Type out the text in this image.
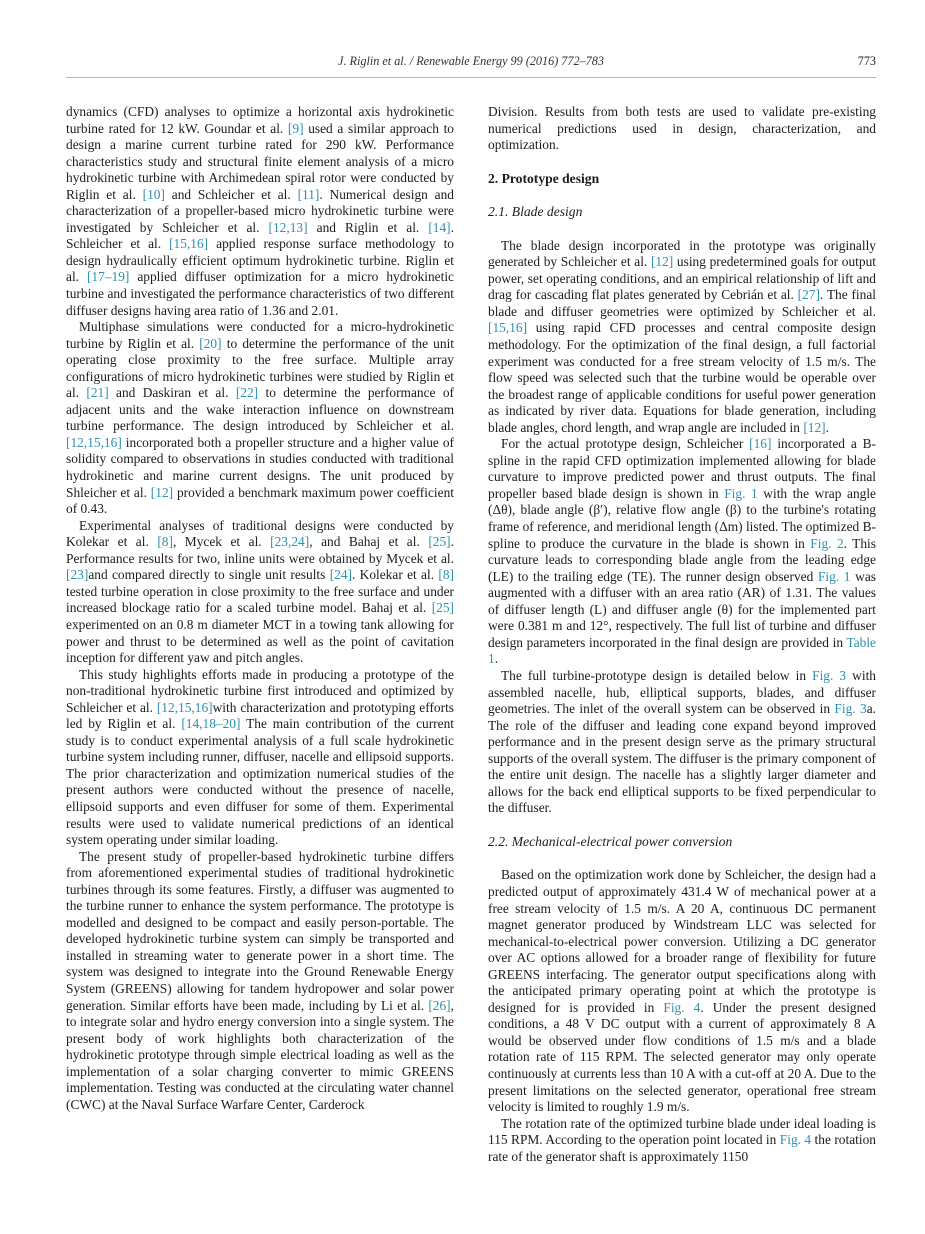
J. Riglin et al. / Renewable Energy 99 (2016) 772–783	773

dynamics (CFD) analyses to optimize a horizontal axis hydrokinetic turbine rated for 12 kW. Goundar et al. [9] used a similar approach to design a marine current turbine rated for 290 kW. Performance characteristics study and structural finite element analysis of a micro hydrokinetic turbine with Archimedean spiral rotor were conducted by Riglin et al. [10] and Schleicher et al. [11]. Numerical design and characterization of a propeller-based micro hydrokinetic turbine were investigated by Schleicher et al. [12,13] and Riglin et al. [14]. Schleicher et al. [15,16] applied response surface methodology to design hydraulically efficient optimum hydrokinetic turbine. Riglin et al. [17–19] applied diffuser optimization for a micro hydrokinetic turbine and investigated the performance characteristics of two different diffuser designs having area ratio of 1.36 and 2.01.

Multiphase simulations were conducted for a micro-hydrokinetic turbine by Riglin et al. [20] to determine the performance of the unit operating close proximity to the free surface. Multiple array configurations of micro hydrokinetic turbines were studied by Riglin et al. [21] and Daskiran et al. [22] to determine the performance of adjacent units and the wake interaction influence on downstream turbine performance. The design introduced by Schleicher et al. [12,15,16] incorporated both a propeller structure and a higher value of solidity compared to observations in studies conducted with traditional hydrokinetic and marine current designs. The unit produced by Shleicher et al. [12] provided a benchmark maximum power coefficient of 0.43.

Experimental analyses of traditional designs were conducted by Kolekar et al. [8], Mycek et al. [23,24], and Bahaj et al. [25]. Performance results for two, inline units were obtained by Mycek et al. [23]and compared directly to single unit results [24]. Kolekar et al. [8] tested turbine operation in close proximity to the free surface and under increased blockage ratio for a scaled turbine model. Bahaj et al. [25] experimented on an 0.8 m diameter MCT in a towing tank allowing for power and thrust to be determined as well as the point of cavitation inception for different yaw and pitch angles.

This study highlights efforts made in producing a prototype of the non-traditional hydrokinetic turbine first introduced and optimized by Schleicher et al. [12,15,16]with characterization and prototyping efforts led by Riglin et al. [14,18–20] The main contribution of the current study is to conduct experimental analysis of a full scale hydrokinetic turbine system including runner, diffuser, nacelle and ellipsoid supports. The prior characterization and optimization numerical studies of the present authors were conducted without the presence of nacelle, ellipsoid supports and even diffuser for some of them. Experimental results were used to validate numerical predictions of an identical system operating under similar loading.

The present study of propeller-based hydrokinetic turbine differs from aforementioned experimental studies of traditional hydrokinetic turbines through its some features. Firstly, a diffuser was augmented to the turbine runner to enhance the system performance. The prototype is modelled and designed to be compact and easily person-portable. The developed hydrokinetic turbine system can simply be transported and installed in streaming water to generate power in a short time. The system was designed to integrate into the Ground Renewable Energy System (GREENS) allowing for tandem hydropower and solar power generation. Similar efforts have been made, including by Li et al. [26], to integrate solar and hydro energy conversion into a single system. The present body of work highlights both characterization of the hydrokinetic prototype through simple electrical loading as well as the implementation of a solar charging converter to mimic GREENS implementation. Testing was conducted at the circulating water channel (CWC) at the Naval Surface Warfare Center, Carderock

Division. Results from both tests are used to validate pre-existing numerical predictions used in design, characterization, and optimization.

2. Prototype design
2.1. Blade design

The blade design incorporated in the prototype was originally generated by Schleicher et al. [12] using predetermined goals for output power, set operating conditions, and an empirical relationship of lift and drag for cascading flat plates generated by Cebrián et al. [27]. The final blade and diffuser geometries were optimized by Schleicher et al. [15,16] using rapid CFD processes and central composite design methodology. For the optimization of the final design, a full factorial experiment was conducted for a free stream velocity of 1.5 m/s. The flow speed was selected such that the turbine would be operable over the broadest range of applicable conditions for useful power generation as indicated by river data. Equations for blade generation, including blade angles, chord length, and wrap angle are included in [12].

For the actual prototype design, Schleicher [16] incorporated a B-spline in the rapid CFD optimization implemented allowing for blade curvature to improve predicted power and thrust outputs. The final propeller based blade design is shown in Fig. 1 with the wrap angle (Δθ), blade angle (β′), relative flow angle (β) to the turbine's rotating frame of reference, and meridional length (Δm) listed. The optimized B-spline to produce the curvature in the blade is shown in Fig. 2. This curvature leads to corresponding blade angle from the leading edge (LE) to the trailing edge (TE). The runner design observed Fig. 1 was augmented with a diffuser with an area ratio (AR) of 1.31. The values of diffuser length (L) and diffuser angle (θ) for the implemented part were 0.381 m and 12°, respectively. The full list of turbine and diffuser design parameters incorporated in the final design are provided in Table 1.

The full turbine-prototype design is detailed below in Fig. 3 with assembled nacelle, hub, elliptical supports, blades, and diffuser geometries. The inlet of the overall system can be observed in Fig. 3a. The role of the diffuser and leading cone expand beyond improved performance and in the present design serve as the primary structural supports of the overall system. The diffuser is the primary component of the entire unit design. The nacelle has a slightly larger diameter and allows for the back end elliptical supports to be fixed perpendicular to the diffuser.

2.2. Mechanical-electrical power conversion

Based on the optimization work done by Schleicher, the design had a predicted output of approximately 431.4 W of mechanical power at a free stream velocity of 1.5 m/s. A 20 A, continuous DC permanent magnet generator produced by Windstream LLC was selected for mechanical-to-electrical power conversion. Utilizing a DC generator over AC options allowed for a broader range of flexibility for future GREENS interfacing. The generator output specifications along with the anticipated primary operating point at which the prototype is designed for is provided in Fig. 4. Under the present designed conditions, a 48 V DC output with a current of approximately 8 A would be observed under flow conditions of 1.5 m/s and a blade rotation rate of 115 RPM. The selected generator may only operate continuously at currents less than 10 A with a cut-off at 20 A. Due to the present limitations on the selected generator, operational free stream velocity is limited to roughly 1.9 m/s.

The rotation rate of the optimized turbine blade under ideal loading is 115 RPM. According to the operation point located in Fig. 4 the rotation rate of the generator shaft is approximately 1150
